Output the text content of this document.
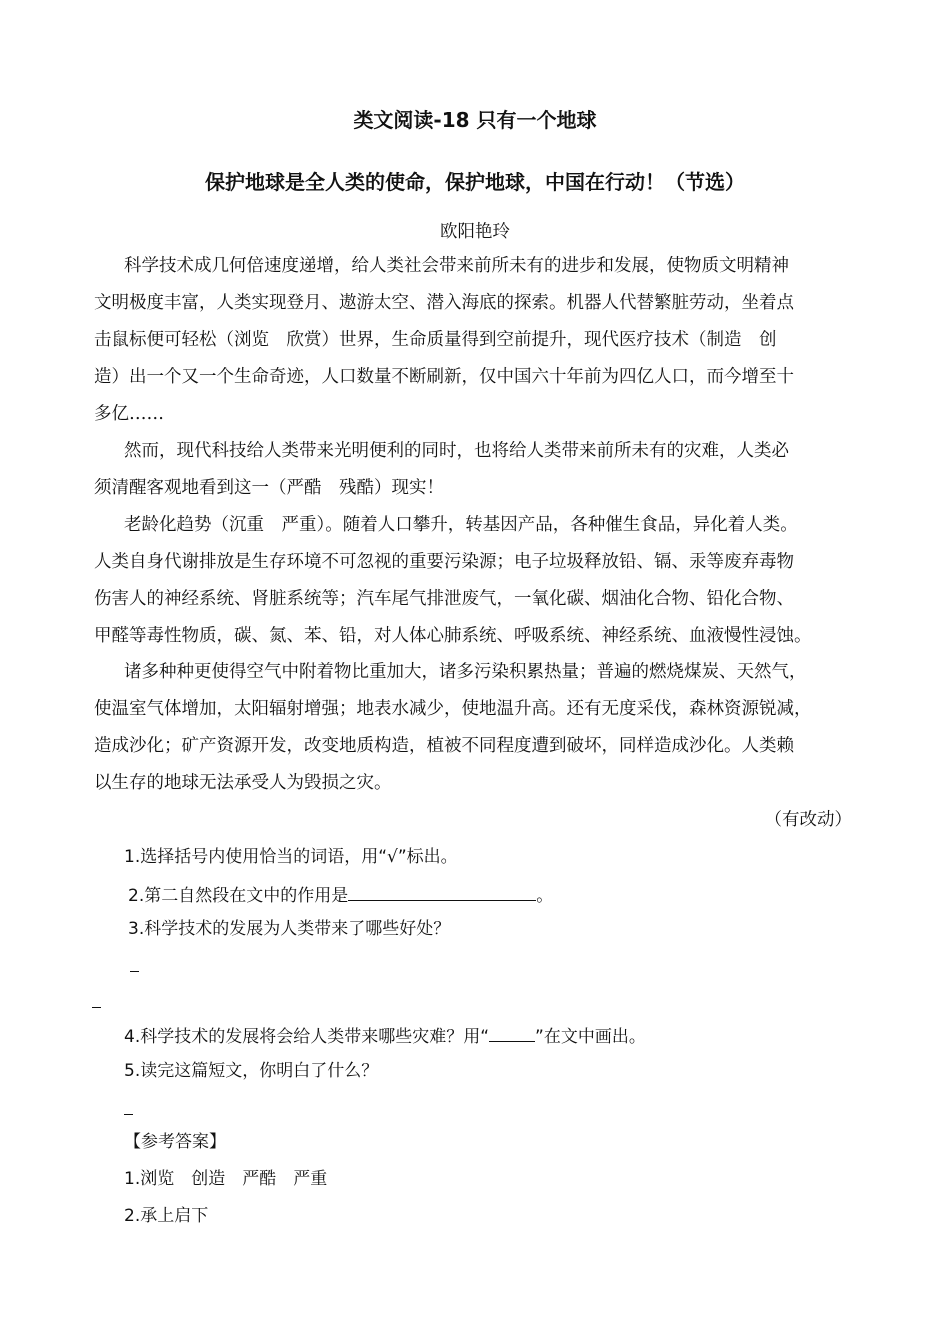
类文阅读-18 只有一个地球
保护地球是全人类的使命，保护地球，中国在行动！（节选）
欧阳艳玲
科学技术成几何倍速度递增，给人类社会带来前所未有的进步和发展，使物质文明精神
文明极度丰富，人类实现登月、遨游太空、潜入海底的探索。机器人代替繁脏劳动，坐着点
击鼠标便可轻松（浏览　欣赏）世界，生命质量得到空前提升，现代医疗技术（制造　创
造）出一个又一个生命奇迹，人口数量不断刷新，仅中国六十年前为四亿人口，而今增至十
多亿……
然而，现代科技给人类带来光明便利的同时，也将给人类带来前所未有的灾难，人类必
须清醒客观地看到这一（严酷　残酷）现实！
老龄化趋势（沉重　严重）。随着人口攀升，转基因产品，各种催生食品，异化着人类。
人类自身代谢排放是生存环境不可忽视的重要污染源；电子垃圾释放铅、镉、汞等废弃毒物
伤害人的神经系统、肾脏系统等；汽车尾气排泄废气，一氧化碳、烟油化合物、铅化合物、
甲醛等毒性物质，碳、氮、苯、铅，对人体心肺系统、呼吸系统、神经系统、血液慢性浸蚀。
诸多种种更使得空气中附着物比重加大，诸多污染积累热量；普遍的燃烧煤炭、天然气，
使温室气体增加，太阳辐射增强；地表水减少，使地温升高。还有无度采伐，森林资源锐减，
造成沙化；矿产资源开发，改变地质构造，植被不同程度遭到破坏，同样造成沙化。人类赖
以生存的地球无法承受人为毁损之灾。
（有改动）
1.选择括号内使用恰当的词语，用“√”标出。
2.第二自然段在文中的作用是	。
3.科学技术的发展为人类带来了哪些好处？
4.科学技术的发展将会给人类带来哪些灾难？用“	”在文中画出。
5.读完这篇短文，你明白了什么？
【参考答案】
1.浏览　创造　严酷　严重
2.承上启下
